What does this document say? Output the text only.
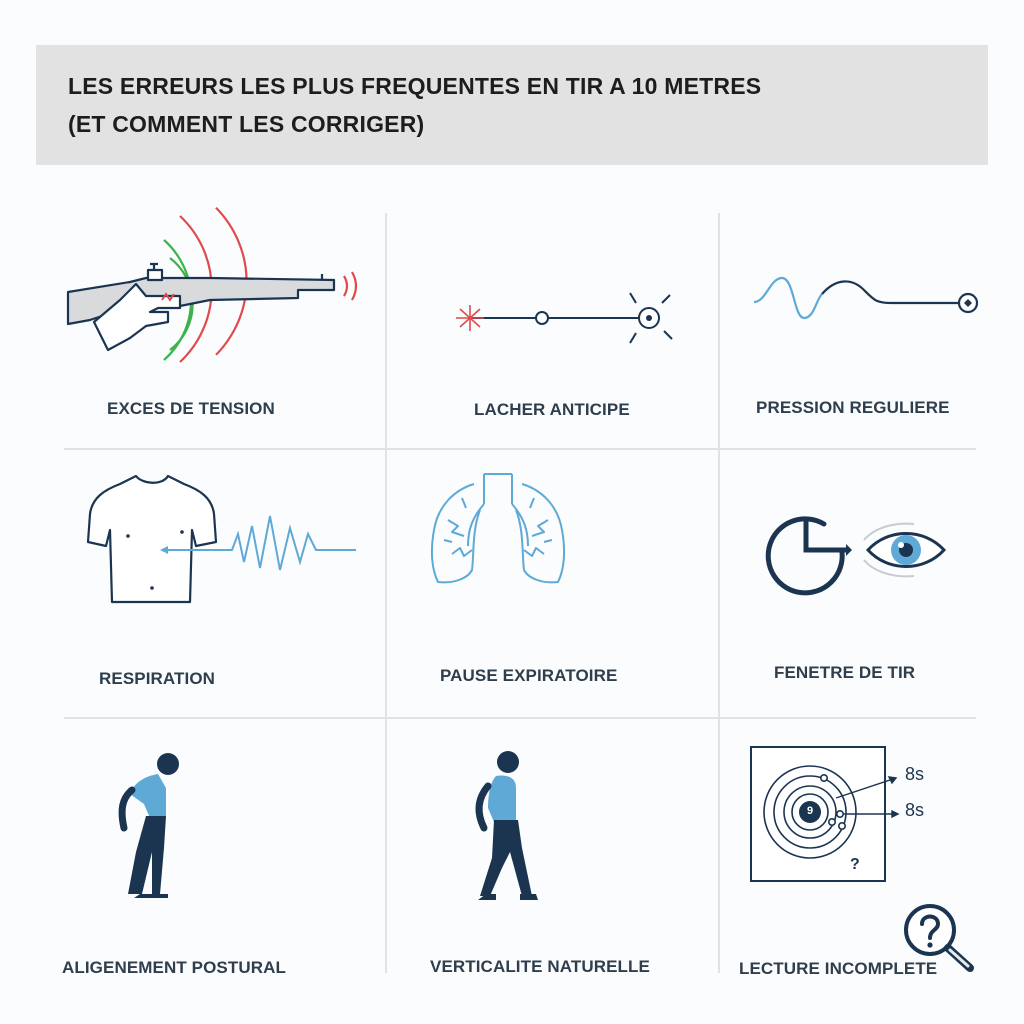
LES ERREURS LES PLUS FREQUENTES EN TIR A 10 METRES
(ET COMMENT LES CORRIGER)
EXCES DE TENSION	LACHER ANTICIPE	PRESSION REGULIERE
RESPIRATION	PAUSE EXPIRATOIRE	FENETRE DE TIR
ALIGENEMENT POSTURAL	VERTICALITE NATURELLE
9
8s
8s
?
LECTURE INCOMPLETE
